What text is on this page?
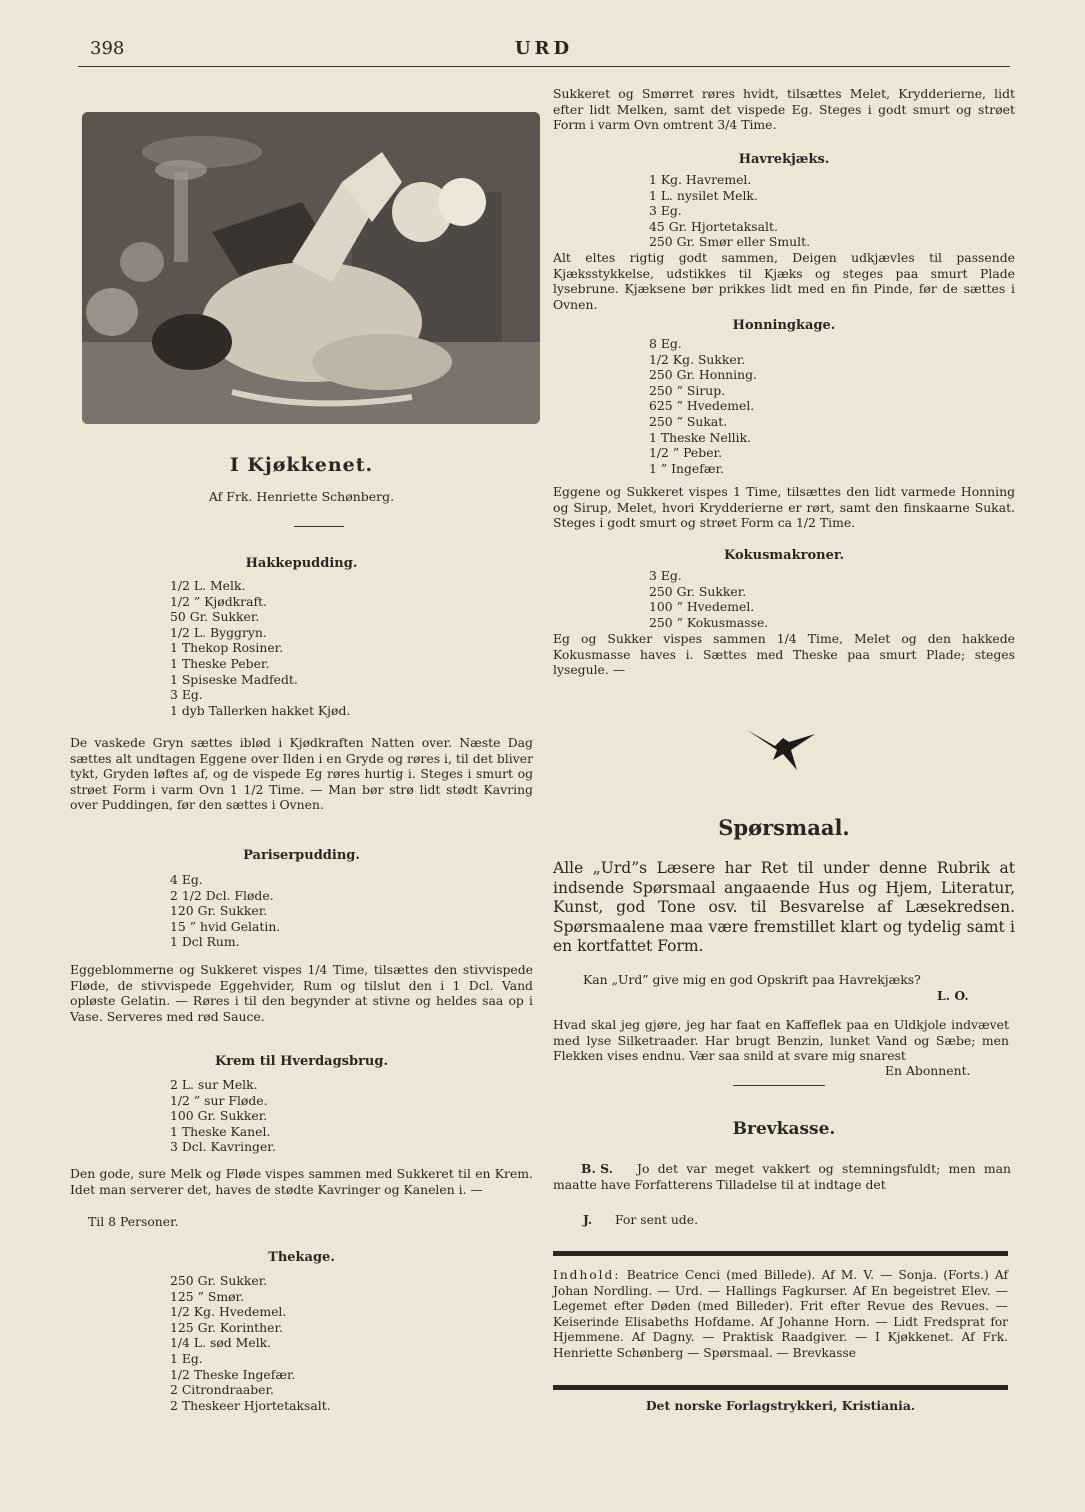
398	URD
I Kjøkkenet.
Af Frk. Henriette Schønberg.
Hakkepudding.
1/2 L. Melk.
1/2 ” Kjødkraft.
50 Gr. Sukker.
1/2 L. Byggryn.
1 Thekop Rosiner.
1 Theske Peber.
1 Spiseske Madfedt.
3 Eg.
1 dyb Tallerken hakket Kjød.

De vaskede Gryn sættes iblød i Kjødkraften Natten over. Næste Dag sættes alt undtagen Eggene over Ilden i en Gryde og røres i, til det bliver tykt, Gryden løftes af, og de vispede Eg røres hurtig i. Steges i smurt og strøet Form i varm Ovn 1 1/2 Time. — Man bør strø lidt stødt Kavring over Puddingen, før den sættes i Ovnen.

Pariserpudding.
4 Eg.
2 1/2 Dcl. Fløde.
120 Gr. Sukker.
15 ” hvid Gelatin.
1 Dcl Rum.

Eggeblommerne og Sukkeret vispes 1/4 Time, tilsættes den stivvispede Fløde, de stivvispede Eggehvider, Rum og tilslut den i 1 Dcl. Vand opløste Gelatin. — Røres i til den begynder at stivne og heldes saa op i Vase. Serveres med rød Sauce.

Krem til Hverdagsbrug.
2 L. sur Melk.
1/2 ” sur Fløde.
100 Gr. Sukker.
1 Theske Kanel.
3 Dcl. Kavringer.

Den gode, sure Melk og Fløde vispes sammen med Sukkeret til en Krem. Idet man serverer det, haves de stødte Kavringer og Kanelen i. —

Til 8 Personer.
Thekage.
250 Gr. Sukker.
125 ” Smør.
1/2 Kg. Hvedemel.
125 Gr. Korinther.
1/4 L. sød Melk.
1 Eg.
1/2 Theske Ingefær.
2 Citrondraaber.
2 Theskeer Hjortetaksalt.

Sukkeret og Smørret røres hvidt, tilsættes Melet, Krydderierne, lidt efter lidt Melken, samt det vispede Eg. Steges i godt smurt og strøet Form i varm Ovn omtrent 3/4 Time.

Havrekjæks.
1 Kg. Havremel.
1 L. nysilet Melk.
3 Eg.
45 Gr. Hjortetaksalt.
250 Gr. Smør eller Smult.

Alt eltes rigtig godt sammen, Deigen udkjævles til passende Kjæksstykkelse, udstikkes til Kjæks og steges paa smurt Plade lysebrune. Kjæksene bør prikkes lidt med en fin Pinde, før de sættes i Ovnen.

Honningkage.
8 Eg.
1/2 Kg. Sukker.
250 Gr. Honning.
250 ” Sirup.
625 ” Hvedemel.
250 ” Sukat.
1 Theske Nellik.
1/2 ” Peber.
1 ” Ingefær.

Eggene og Sukkeret vispes 1 Time, tilsættes den lidt varmede Honning og Sirup, Melet, hvori Krydderierne er rørt, samt den finskaarne Sukat. Steges i godt smurt og strøet Form ca 1/2 Time.

Kokusmakroner.
3 Eg.
250 Gr. Sukker.
100 ” Hvedemel.
250 ” Kokusmasse.

Eg og Sukker vispes sammen 1/4 Time, Melet og den hakkede Kokusmasse haves i. Sættes med Theske paa smurt Plade; steges lysegule. —

Spørsmaal.

Alle „Urd”s Læsere har Ret til under denne Rubrik at indsende Spørsmaal angaaende Hus og Hjem, Literatur, Kunst, god Tone osv. til Besvarelse af Læsekredsen. Spørsmaalene maa være fremstillet klart og tydelig samt i en kortfattet Form.

Kan „Urd” give mig en god Opskrift paa Havrekjæks?
L. O.

Hvad skal jeg gjøre, jeg har faat en Kaffeflek paa en Uldkjole indvævet med lyse Silketraader. Har brugt Benzin, lunket Vand og Sæbe; men Flekken vises endnu. Vær saa snild at svare mig snarest

En Abonnent.
Brevkasse.
B. S.	Jo det var meget vakkert og stemningsfuldt; men man maatte have Forfatterens Tilladelse til at indtage det

J. For sent ude.

Indhold: Beatrice Cenci (med Billede). Af M. V. — Sonja. (Forts.) Af Johan Nordling. — Urd. — Hallings Fagkurser. Af En begeistret Elev. — Legemet efter Døden (med Billeder). Frit efter Revue des Revues. — Keiserinde Elisabeths Hofdame. Af Johanne Horn. — Lidt Fredsprat for Hjemmene. Af Dagny. — Praktisk Raadgiver. — I Kjøkkenet. Af Frk. Henriette Schønberg — Spørsmaal. — Brevkasse

Det norske Forlagstrykkeri, Kristiania.
